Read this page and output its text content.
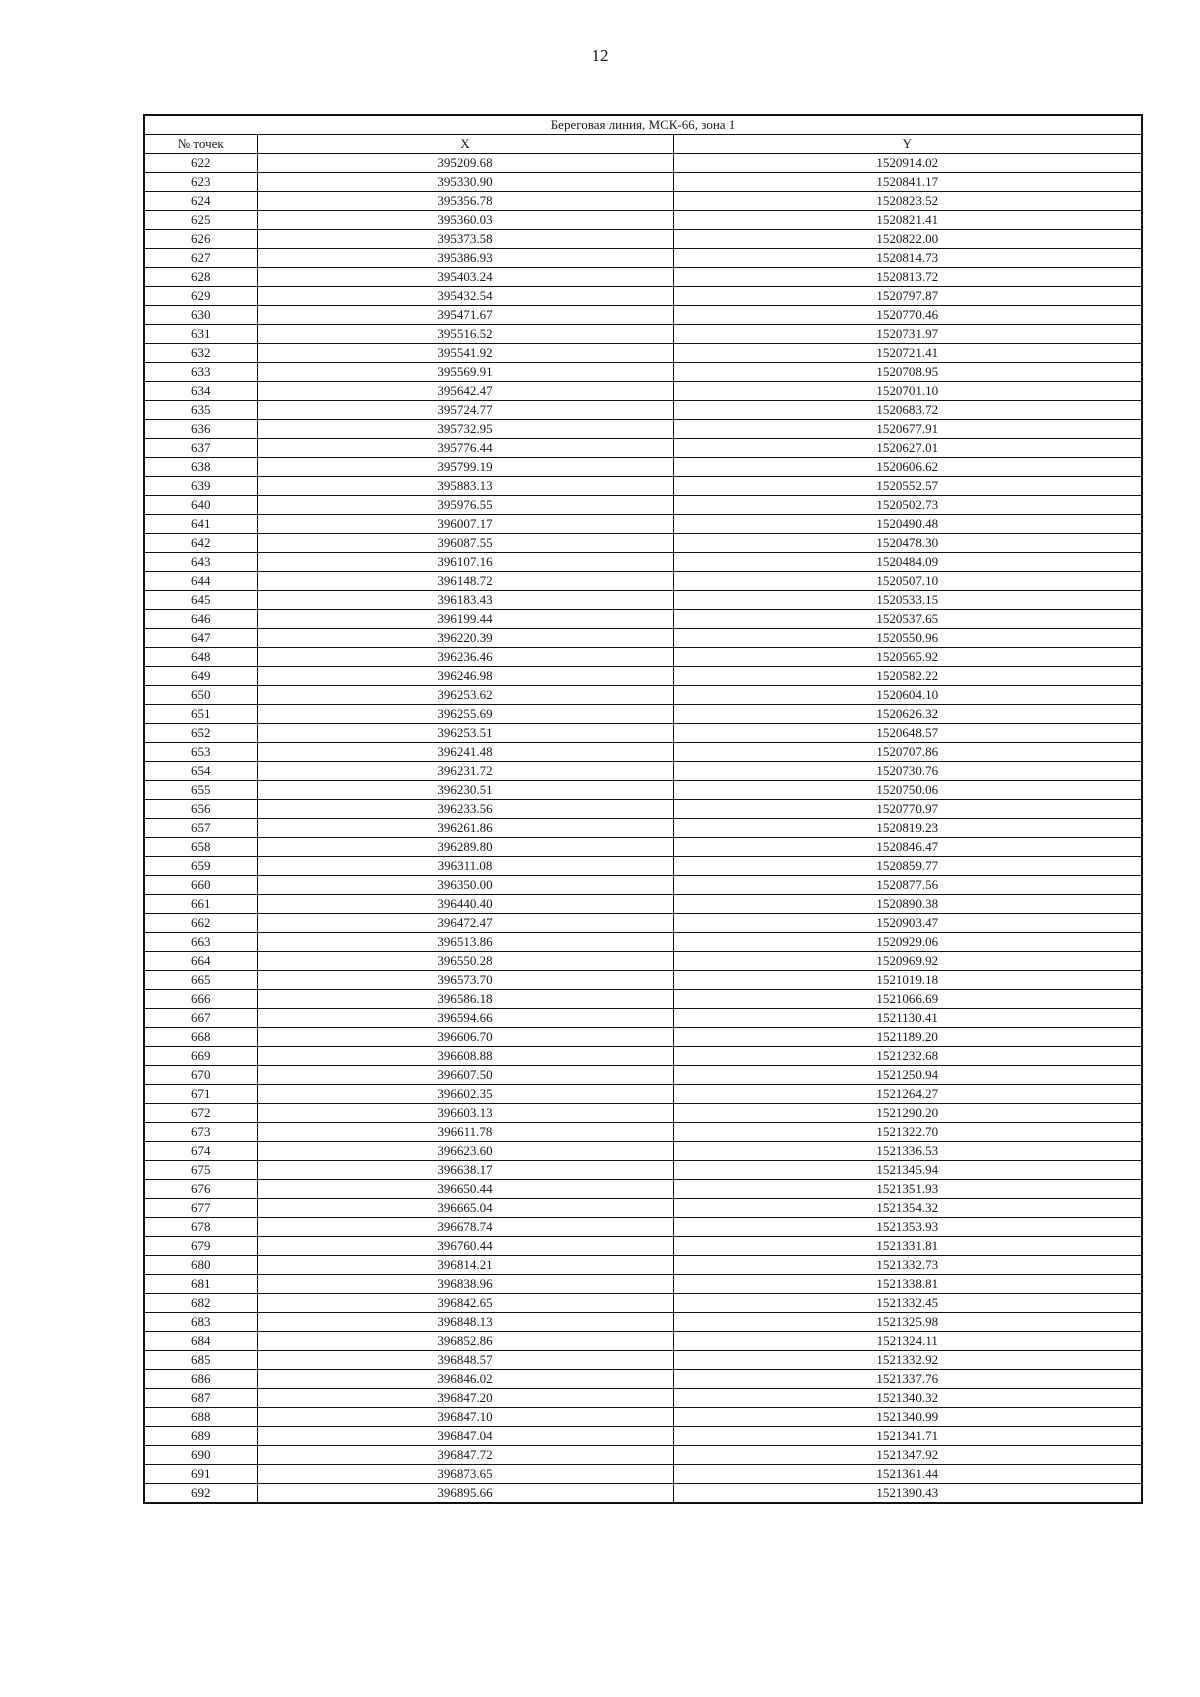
12
Береговая линия, МСК-66, зона 1		
№ точек	X	Y
622	395209.68	1520914.02
623	395330.90	1520841.17
624	395356.78	1520823.52
625	395360.03	1520821.41
626	395373.58	1520822.00
627	395386.93	1520814.73
628	395403.24	1520813.72
629	395432.54	1520797.87
630	395471.67	1520770.46
631	395516.52	1520731.97
632	395541.92	1520721.41
633	395569.91	1520708.95
634	395642.47	1520701.10
635	395724.77	1520683.72
636	395732.95	1520677.91
637	395776.44	1520627.01
638	395799.19	1520606.62
639	395883.13	1520552.57
640	395976.55	1520502.73
641	396007.17	1520490.48
642	396087.55	1520478.30
643	396107.16	1520484.09
644	396148.72	1520507.10
645	396183.43	1520533.15
646	396199.44	1520537.65
647	396220.39	1520550.96
648	396236.46	1520565.92
649	396246.98	1520582.22
650	396253.62	1520604.10
651	396255.69	1520626.32
652	396253.51	1520648.57
653	396241.48	1520707.86
654	396231.72	1520730.76
655	396230.51	1520750.06
656	396233.56	1520770.97
657	396261.86	1520819.23
658	396289.80	1520846.47
659	396311.08	1520859.77
660	396350.00	1520877.56
661	396440.40	1520890.38
662	396472.47	1520903.47
663	396513.86	1520929.06
664	396550.28	1520969.92
665	396573.70	1521019.18
666	396586.18	1521066.69
667	396594.66	1521130.41
668	396606.70	1521189.20
669	396608.88	1521232.68
670	396607.50	1521250.94
671	396602.35	1521264.27
672	396603.13	1521290.20
673	396611.78	1521322.70
674	396623.60	1521336.53
675	396638.17	1521345.94
676	396650.44	1521351.93
677	396665.04	1521354.32
678	396678.74	1521353.93
679	396760.44	1521331.81
680	396814.21	1521332.73
681	396838.96	1521338.81
682	396842.65	1521332.45
683	396848.13	1521325.98
684	396852.86	1521324.11
685	396848.57	1521332.92
686	396846.02	1521337.76
687	396847.20	1521340.32
688	396847.10	1521340.99
689	396847.04	1521341.71
690	396847.72	1521347.92
691	396873.65	1521361.44
692	396895.66	1521390.43
